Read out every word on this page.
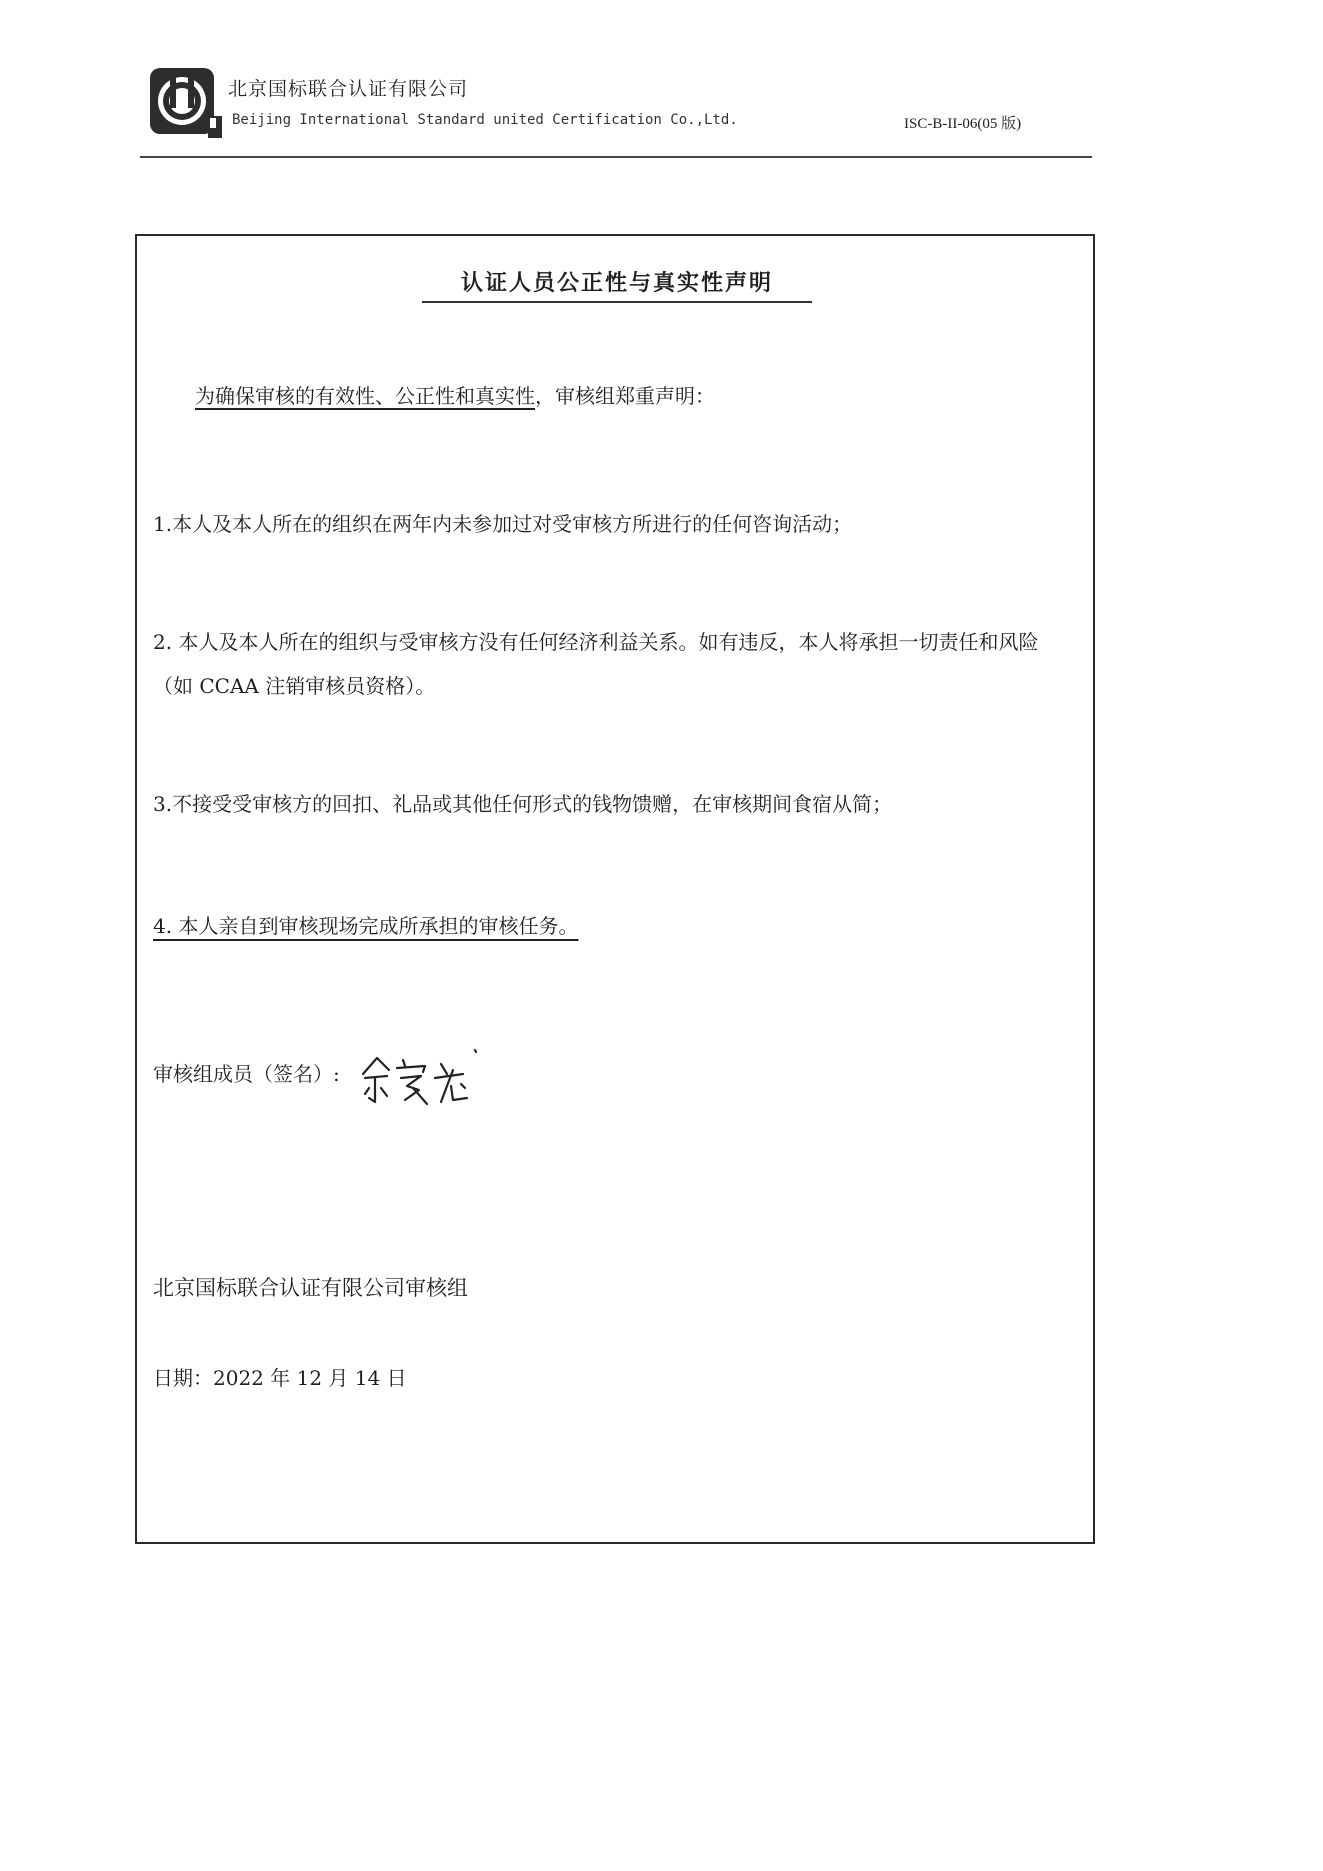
北京国标联合认证有限公司
Beijing International Standard united Certification Co.,Ltd.	ISC-B-II-06(05 版)
认证人员公正性与真实性声明
为确保审核的有效性、公正性和真实性，审核组郑重声明：
1.本人及本人所在的组织在两年内未参加过对受审核方所进行的任何咨询活动；
2. 本人及本人所在的组织与受审核方没有任何经济利益关系。如有违反，本人将承担一切责任和风险（如 CCAA 注销审核员资格）。
3.不接受受审核方的回扣、礼品或其他任何形式的钱物馈赠，在审核期间食宿从简；
4. 本人亲自到审核现场完成所承担的审核任务。
审核组成员（签名）:
北京国标联合认证有限公司审核组
日期：2022 年 12 月 14 日
